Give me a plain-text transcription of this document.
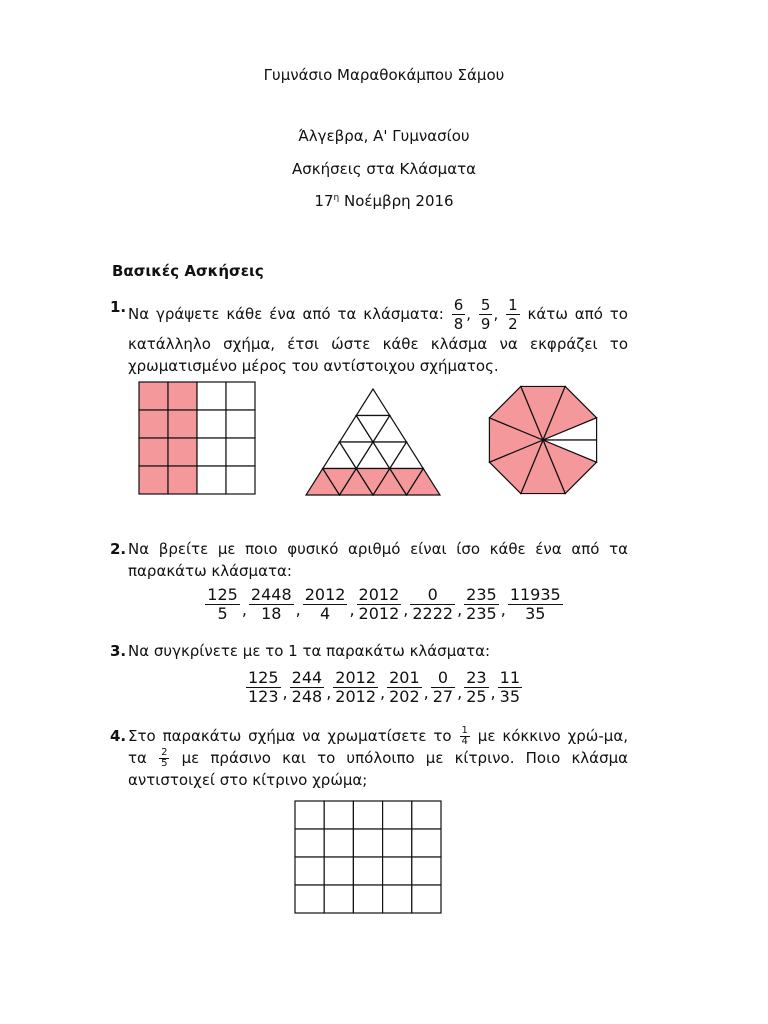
Γυμνάσιο Μαραθοκάμπου Σάμου
Άλγεβρα, Α' Γυμνασίου
Ασκήσεις στα Κλάσματα
$17^\eta$ Νοέμβρη 2016
Βασικές Ασκήσεις
1. Να γράψετε κάθε ένα από τα κλάσματα: $\frac{6}{8}$ , $\frac{5}{9}$ , $\frac{1}{2}$ κάτω από το κατάλληλο σχήμα, έτσι ώστε κάθε κλάσμα να εκφράζει το χρωματισμένο μέρος του αντίστοιχου σχήματος.
2. Να βρείτε με ποιο φυσικό αριθμό είναι ίσο κάθε ένα από τα παρακάτω κλάσματα:
$\frac{125}{5}$ , $\frac{2448}{18}$ , $\frac{2012}{4}$ , $\frac{2012}{2012}$ , $\frac{0}{2222}$ , $\frac{235}{235}$ , $\frac{11935}{35}$
3. Να συγκρίνετε με το 1 τα παρακάτω κλάσματα:
$\frac{125}{123}$ , $\frac{244}{248}$ , $\frac{2012}{2012}$ , $\frac{201}{202}$ , $\frac{0}{27}$ , $\frac{23}{25}$ , $\frac{11}{35}$
4. Στο παρακάτω σχήμα να χρωματίσετε το $\frac{1}{4}$ με κόκκινο χρώ-μα, τα $\frac{2}{5}$ με πράσινο και το υπόλοιπο με κίτρινο. Ποιο κλάσμα αντιστοιχεί στο κίτρινο χρώμα;
